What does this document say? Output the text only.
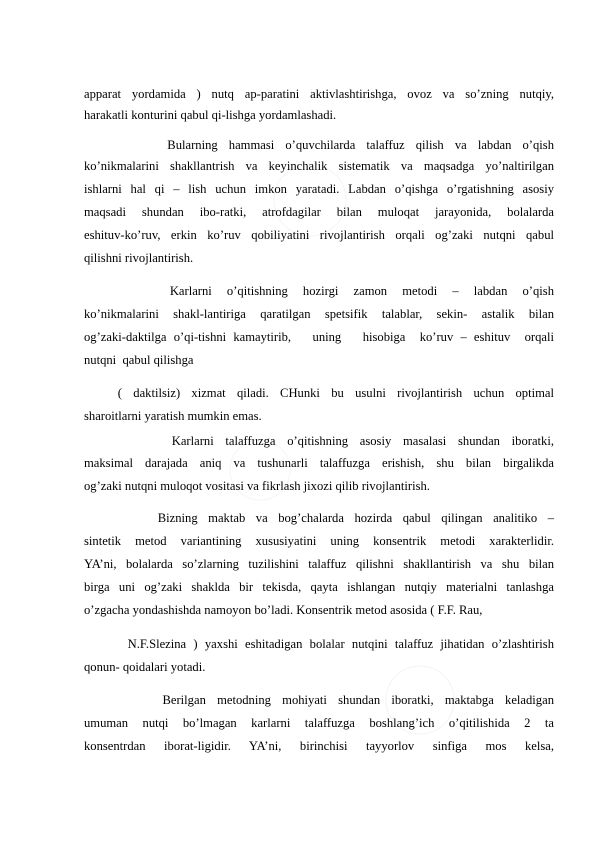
apparat  yordamida  )  nutq  ap-paratini  aktivlashtirishga,  ovoz  va  so’zning  nutqiy,
harakatli konturini qabul qi-lishga yordamlashadi.
Bularning  hammasi  o’quvchilarda  talaffuz  qilish  va  labdan  o’qish
ko’nikmalarini shakllantrish va keyinchalik sistematik va maqsadga yo’naltirilgan
ishlarni hal qi – lish uchun imkon yaratadi. Labdan o’qishga o’rgatishning asosiy
maqsadi   shundan   ibo-ratki,   atrofdagilar   bilan   muloqat   jarayonida,   bolalarda
eshituv-ko’ruv, erkin ko’ruv qobiliyatini rivojlantirish orqali og’zaki nutqni qabul
qilishni rivojlantirish.
Karlarni   o’qitishning   hozirgi   zamon   metodi   –   labdan   o’qish
ko’nikmalarini  shakl-lantiriga  qaratilgan  spetsifik  talablar,  sekin-  astalik  bilan
og’zaki-daktilga o’qi-tishni kamaytirib,   uning   hisobiga  ko’ruv – eshituv  orqali
nutqni  qabul qilishga
(  daktilsiz)  xizmat  qiladi.  CHunki  bu  usulni  rivojlantirish  uchun  optimal
sharoitlarni yaratish mumkin emas.
Karlarni  talaffuzga  o’qitishning  asosiy  masalasi  shundan  iboratki,
maksimal  darajada  aniq  va  tushunarli  talaffuzga  erishish,  shu  bilan  birgalikda
og’zaki nutqni muloqot vositasi va fikrlash jixozi qilib rivojlantirish.
Bizning  maktab  va  bog’chalarda  hozirda  qabul  qilingan  analitiko  –
sintetik  metod  variantining  xususiyatini  uning  konsentrik  metodi  xarakterlidir.
YA’ni, bolalarda so’zlarning tuzilishini talaffuz qilishni shakllantirish va shu bilan
birga uni og’zaki shaklda bir tekisda, qayta ishlangan nutqiy materialni tanlashga
o’zgacha yondashishda namoyon bo’ladi. Konsentrik metod asosida ( F.F. Rau,
N.F.Slezina ) yaxshi eshitadigan bolalar nutqini talaffuz jihatidan o’zlashtirish
qonun- qoidalari yotadi.
Berilgan  metodning  mohiyati  shundan  iboratki,  maktabga  keladigan
umuman   nutqi   bo’lmagan   karlarni   talaffuzga   boshlang’ich   o’qitilishida   2   ta
konsentrdan    iborat-ligidir.    YA’ni,    birinchisi    tayyorlov    sinfiga    mos    kelsa,
